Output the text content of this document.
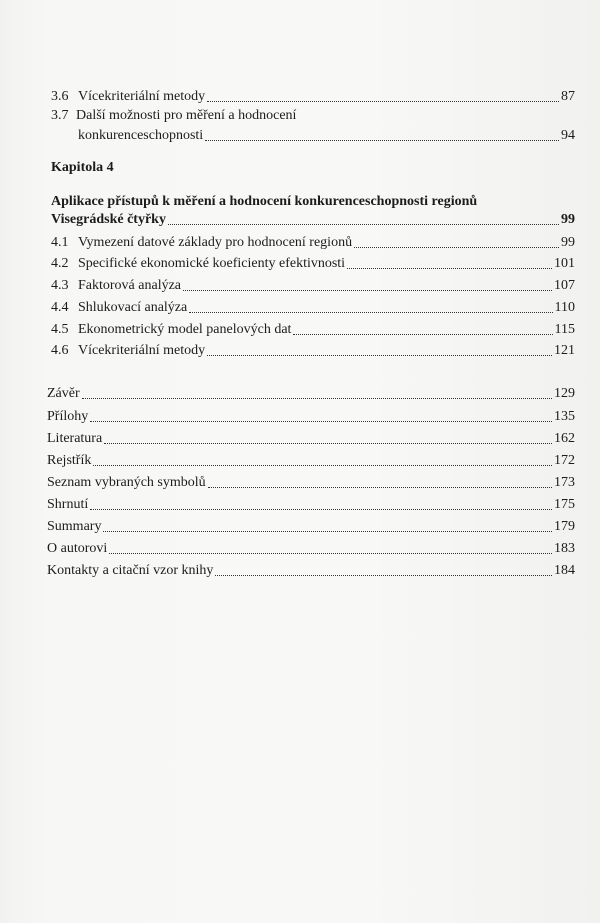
3.6 Vícekriteriální metody	87
3.7 Další možnosti pro měření a hodnocení
konkurenceschopnosti	94
Kapitola 4
Aplikace přístupů k měření a hodnocení konkurenceschopnosti regionů
Visegrádské čtyřky	99
4.1 Vymezení datové základy pro hodnocení regionů	99
4.2 Specifické ekonomické koeficienty efektivnosti	101
4.3 Faktorová analýza	107
4.4 Shlukovací analýza	110
4.5 Ekonometrický model panelových dat	115
4.6 Vícekriteriální metody	121
Závěr	129
Přílohy	135
Literatura	162
Rejstřík	172
Seznam vybraných symbolů	173
Shrnutí	175
Summary	179
O autorovi	183
Kontakty a citační vzor knihy	184
